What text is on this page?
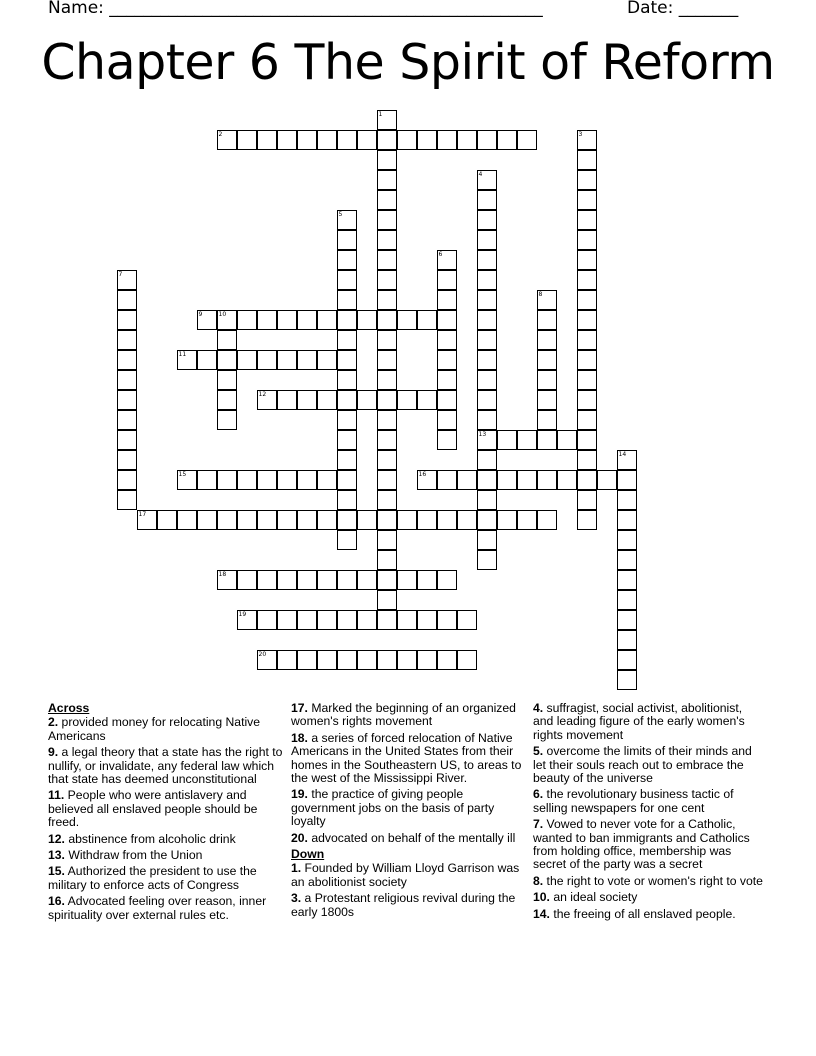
Name: ___________________________________________________	Date: _______
Chapter 6 The Spirit of Reform
1
2	3
4
13
5
6
7
8
9	10
11
12
14
15	16
17
18
19
20
Across
2. provided money for relocating Native Americans
9. a legal theory that a state has the right to nullify, or invalidate, any federal law which that state has deemed unconstitutional
11. People who were antislavery and believed all enslaved people should be freed.
12. abstinence from alcoholic drink
13. Withdraw from the Union
15. Authorized the president to use the military to enforce acts of Congress
16. Advocated feeling over reason, inner spirituality over external rules etc.
17. Marked the beginning of an organized women's rights movement
18. a series of forced relocation of Native Americans in the United States from their homes in the Southeastern US, to areas to the west of the Mississippi River.
19. the practice of giving people government jobs on the basis of party loyalty
20. advocated on behalf of the mentally ill
Down
1. Founded by William Lloyd Garrison was an abolitionist society
3. a Protestant religious revival during the early 1800s
4. suffragist, social activist, abolitionist, and leading figure of the early women's rights movement
5. overcome the limits of their minds and let their souls reach out to embrace the beauty of the universe
6. the revolutionary business tactic of selling newspapers for one cent
7. Vowed to never vote for a Catholic, wanted to ban immigrants and Catholics from holding office, membership was secret of the party was a secret
8. the right to vote or women's right to vote
10. an ideal society
14. the freeing of all enslaved people.
